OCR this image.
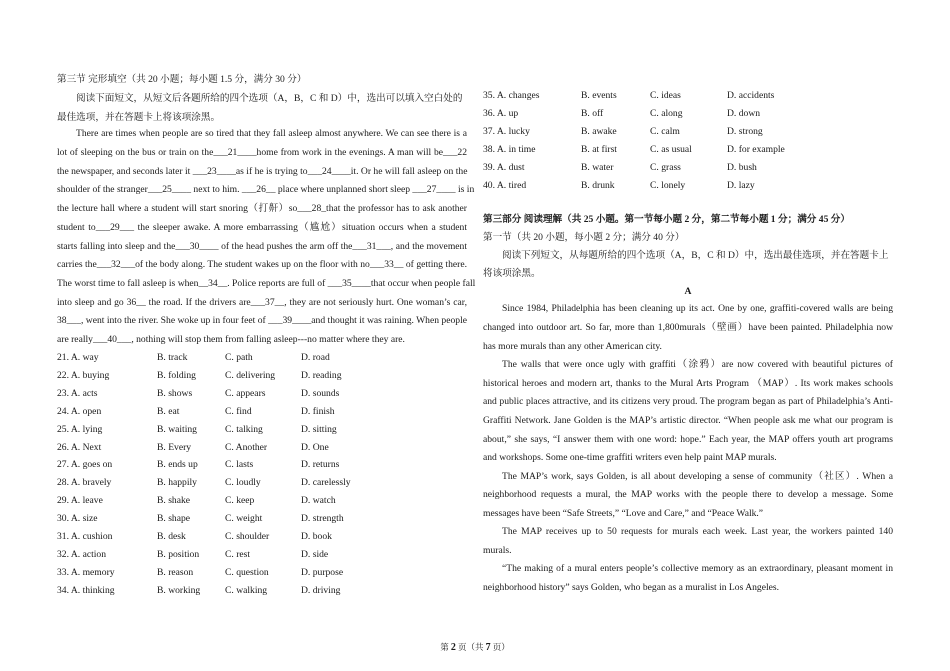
第三节 完形填空（共 20 小题；每小题 1.5 分，满分 30 分）
阅读下面短文，从短文后各题所给的四个选项（A，B，C 和 D）中，选出可以填入空白处的
最佳选项，并在答题卡上将该项涂黑。
There are times when people are so tired that they fall asleep almost anywhere. We can see there is a
lot of sleeping on the bus or train on the___21____home from work in the evenings. A man will be___22
the newspaper, and seconds later it ___23____as if he is trying to___24____it. Or he will fall asleep on the
shoulder of the stranger___25____ next to him. ___26__ place where unplanned short sleep ___27____ is in
the lecture hall where a student will start snoring（打鼾）so___28_that the professor has to ask another
student to___29___ the sleeper awake. A more embarrassing（尴尬）situation occurs when a student
starts falling into sleep and the___30____ of the head pushes the arm off the___31___, and the movement
carries the___32___of the body along. The student wakes up on the floor with no___33__ of getting there.
The worst time to fall asleep is when__34__. Police reports are full of ___35____that occur when people fall
into sleep and go 36__ the road. If the drivers are___37__, they are not seriously hurt. One woman’s car,
38___, went into the river. She woke up in four feet of ___39____and thought it was raining. When people
are really___40___, nothing will stop them from falling asleep---no matter where they are.
21. A. way	B. track	C. path	D. road
22. A. buying	B. folding	C. delivering	D. reading
23. A. acts	B. shows	C. appears	D. sounds
24. A. open	B. eat	C. find	D. finish
25. A. lying	B. waiting	C. talking	D. sitting
26. A. Next	B. Every	C. Another	D. One
27. A. goes on	B. ends up	C. lasts	D. returns
28. A. bravely	B. happily	C. loudly	D. carelessly
29. A. leave	B. shake	C. keep	D. watch
30. A. size	B. shape	C. weight	D. strength
31. A. cushion	B. desk	C. shoulder	D. book
32. A. action	B. position	C. rest	D. side
33. A. memory	B. reason	C. question	D. purpose
34. A. thinking	B. working	C. walking	D. driving
35. A. changes	B. events	C. ideas	D. accidents
36. A. up	B. off	C. along	D. down
37. A. lucky	B. awake	C. calm	D. strong
38. A. in time	B. at first	C. as usual	D. for example
39. A. dust	B. water	C. grass	D. bush
40. A. tired	B. drunk	C. lonely	D. lazy
第三部分 阅读理解（共 25 小题。第一节每小题 2 分，第二节每小题 1 分；满分 45 分）
第一节（共 20 小题，每小题 2 分；满分 40 分）
阅读下列短文，从每题所给的四个选项（A，B，C 和 D）中，选出最佳选项，并在答题卡上
将该项涂黑。
A
Since 1984, Philadelphia has been cleaning up its act. One by one, graffiti-covered walls are being
changed into outdoor art. So far, more than 1,800murals（壁画）have been painted. Philadelphia now
has more murals than any other American city.
The walls that were once ugly with graffiti（涂鸦）are now covered with beautiful pictures of
historical heroes and modern art, thanks to the Mural Arts Program （MAP）. Its work makes schools
and public places attractive, and its citizens very proud. The program began as part of Philadelphia’s Anti-
Graffiti Network. Jane Golden is the MAP’s artistic director. “When people ask me what our program is
about,” she says, “I answer them with one word: hope.” Each year, the MAP offers youth art programs
and workshops. Some one-time graffiti writers even help paint MAP murals.
The MAP’s work, says Golden, is all about developing a sense of community（社区）. When a
neighborhood requests a mural, the MAP works with the people there to develop a message. Some
messages have been “Safe Streets,” “Love and Care,” and “Peace Walk.”
The MAP receives up to 50 requests for murals each week. Last year, the workers painted 140
murals.
“The making of a mural enters people’s collective memory as an extraordinary, pleasant moment in
neighborhood history” says Golden, who began as a muralist in Los Angeles.
第 2 页（共 7 页）
